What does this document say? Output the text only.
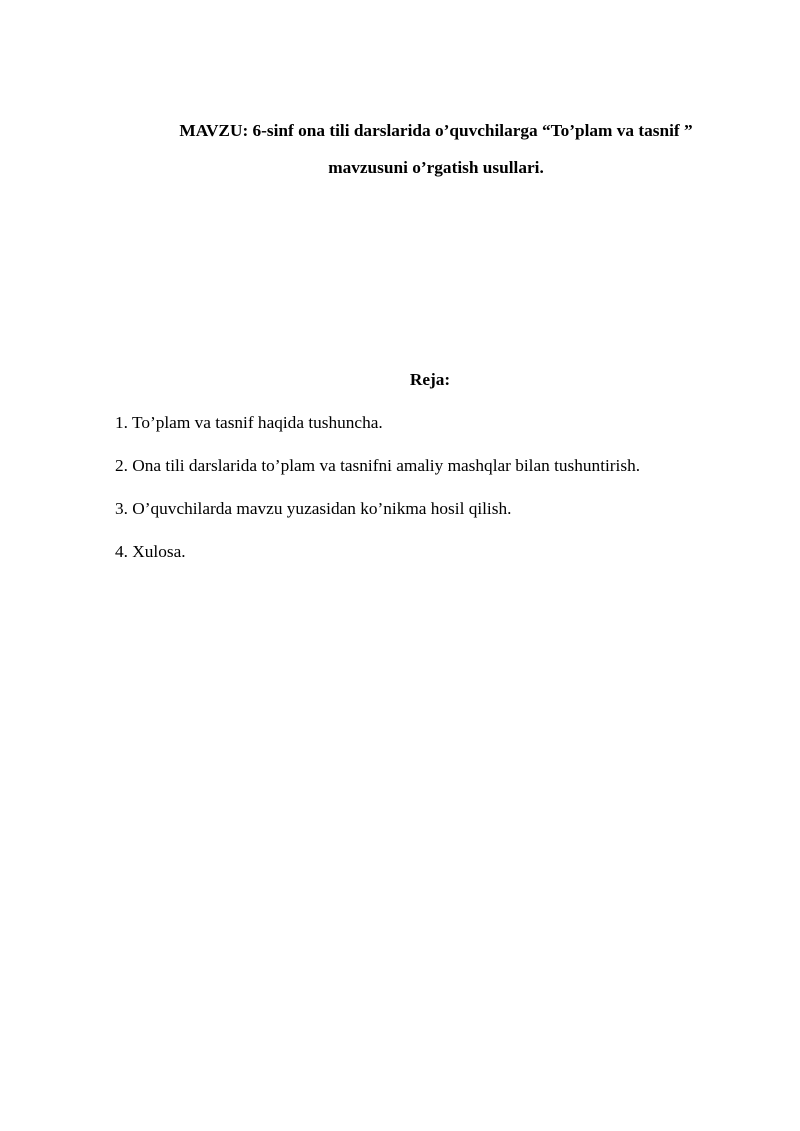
MAVZU: 6-sinf ona tili darslarida o’quvchilarga “To’plam va tasnif ”
mavzusuni o’rgatish usullari.
Reja:
1. To’plam va tasnif haqida tushuncha.
2. Ona tili darslarida to’plam va tasnifni amaliy mashqlar bilan tushuntirish.
3. O’quvchilarda mavzu yuzasidan ko’nikma hosil qilish.
4. Xulosa.
